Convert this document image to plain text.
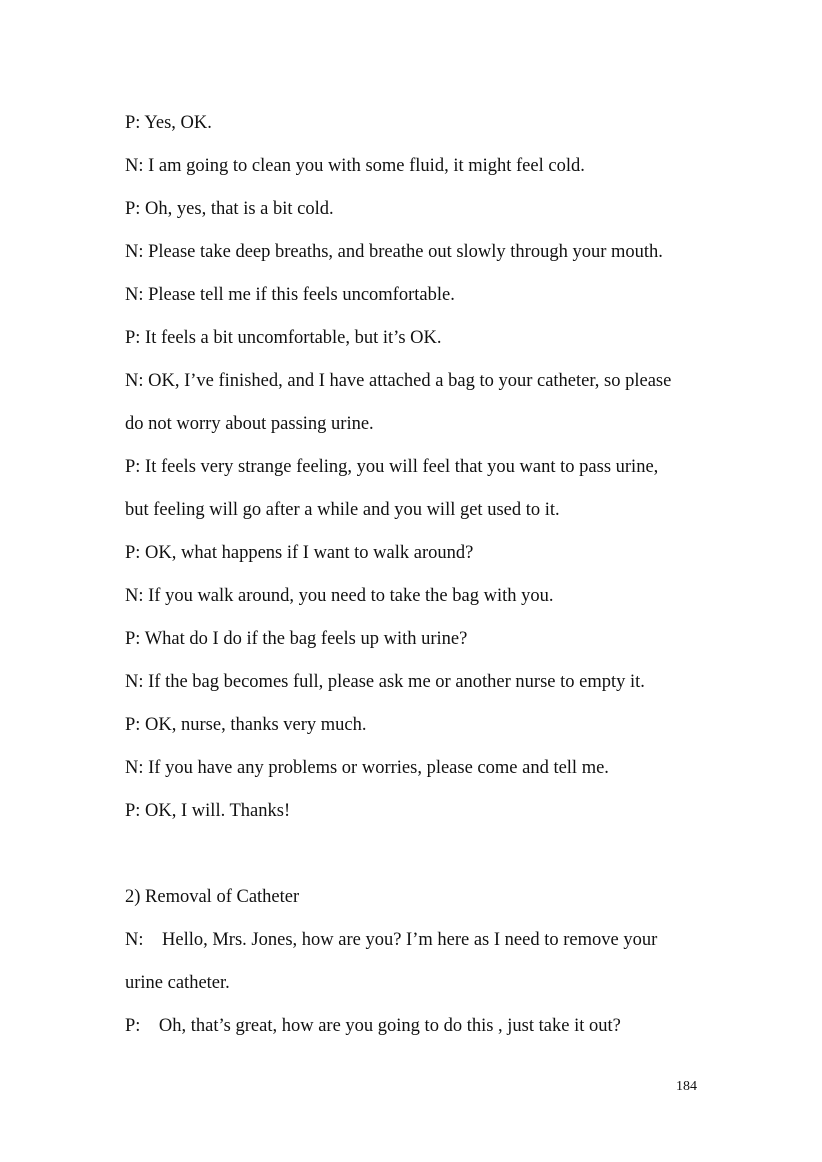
P: Yes, OK.
N: I am going to clean you with some fluid, it might feel cold.
P: Oh, yes, that is a bit cold.
N: Please take deep breaths, and breathe out slowly through your mouth.
N: Please tell me if this feels uncomfortable.
P: It feels a bit uncomfortable, but it’s OK.
N: OK, I’ve finished, and I have attached a bag to your catheter, so please
do not worry about passing urine.
P: It feels very strange feeling, you will feel that you want to pass urine,
but feeling will go after a while and you will get used to it.
P: OK, what happens if I want to walk around?
N: If you walk around, you need to take the bag with you.
P: What do I do if the bag feels up with urine?
N: If the bag becomes full, please ask me or another nurse to empty it.
P: OK, nurse, thanks very much.
N: If you have any problems or worries, please come and tell me.
P: OK, I will. Thanks!
2) Removal of Catheter
N:    Hello, Mrs. Jones, how are you? I’m here as I need to remove your
urine catheter.
P:    Oh, that’s great, how are you going to do this , just take it out?
184
